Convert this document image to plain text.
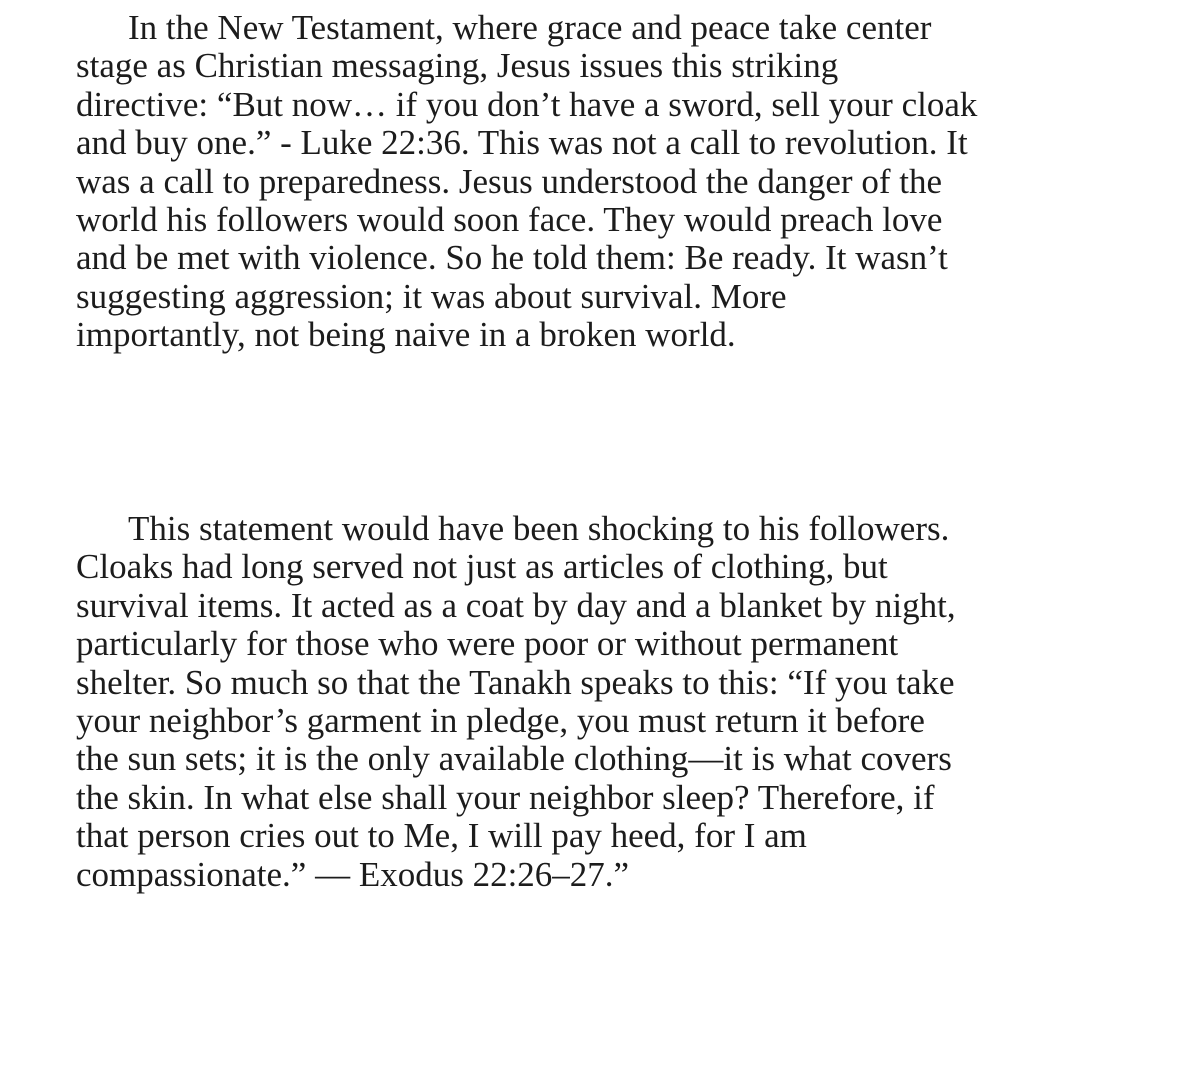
In the New Testament, where grace and peace take center
stage as Christian messaging, Jesus issues this striking
directive: “But now… if you don’t have a sword, sell your cloak
and buy one.” - Luke 22:36. This was not a call to revolution. It
was a call to preparedness. Jesus understood the danger of the
world his followers would soon face. They would preach love
and be met with violence. So he told them: Be ready. It wasn’t
suggesting aggression; it was about survival. More
importantly, not being naive in a broken world.

This statement would have been shocking to his followers.
Cloaks had long served not just as articles of clothing, but
survival items. It acted as a coat by day and a blanket by night,
particularly for those who were poor or without permanent
shelter. So much so that the Tanakh speaks to this: “If you take
your neighbor’s garment in pledge, you must return it before
the sun sets; it is the only available clothing—it is what covers
the skin. In what else shall your neighbor sleep? Therefore, if
that person cries out to Me, I will pay heed, for I am
compassionate.” — Exodus 22:26–27.”
